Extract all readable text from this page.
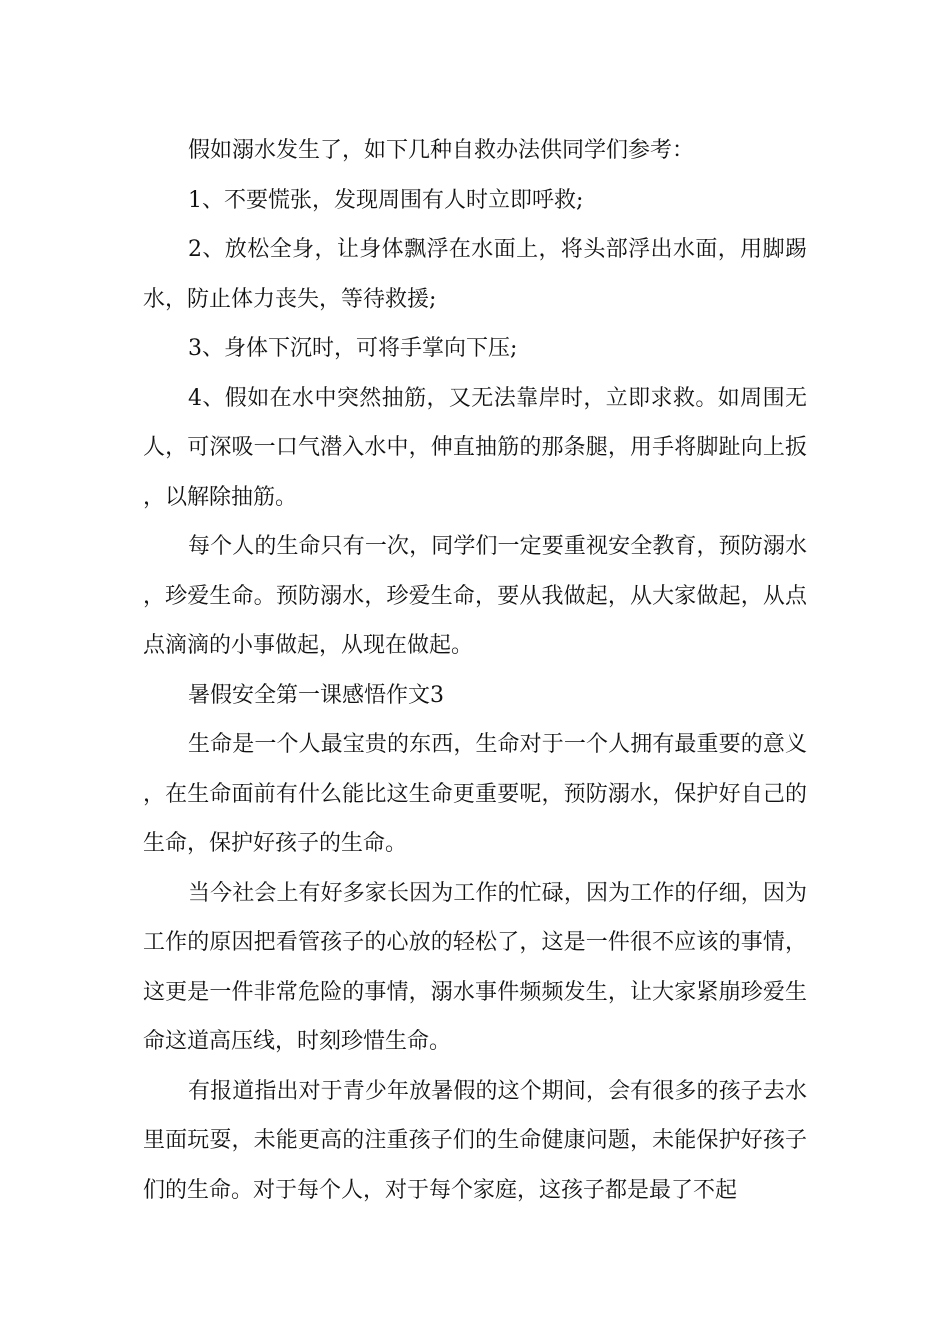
假如溺水发生了，如下几种自救办法供同学们参考：

1、不要慌张，发现周围有人时立即呼救;

2、放松全身，让身体飘浮在水面上，将头部浮出水面，用脚踢水，防止体力丧失，等待救援;

3、身体下沉时，可将手掌向下压;

4、假如在水中突然抽筋，又无法靠岸时，立即求救。如周围无人，可深吸一口气潜入水中，伸直抽筋的那条腿，用手将脚趾向上扳，以解除抽筋。

每个人的生命只有一次，同学们一定要重视安全教育，预防溺水，珍爱生命。预防溺水，珍爱生命，要从我做起，从大家做起，从点点滴滴的小事做起，从现在做起。

暑假安全第一课感悟作文3

生命是一个人最宝贵的东西，生命对于一个人拥有最重要的意义，在生命面前有什么能比这生命更重要呢，预防溺水，保护好自己的生命，保护好孩子的生命。

当今社会上有好多家长因为工作的忙碌，因为工作的仔细，因为工作的原因把看管孩子的心放的轻松了，这是一件很不应该的事情，这更是一件非常危险的事情，溺水事件频频发生，让大家紧崩珍爱生命这道高压线，时刻珍惜生命。

有报道指出对于青少年放暑假的这个期间，会有很多的孩子去水里面玩耍，未能更高的注重孩子们的生命健康问题，未能保护好孩子们的生命。对于每个人，对于每个家庭，这孩子都是最了不起
